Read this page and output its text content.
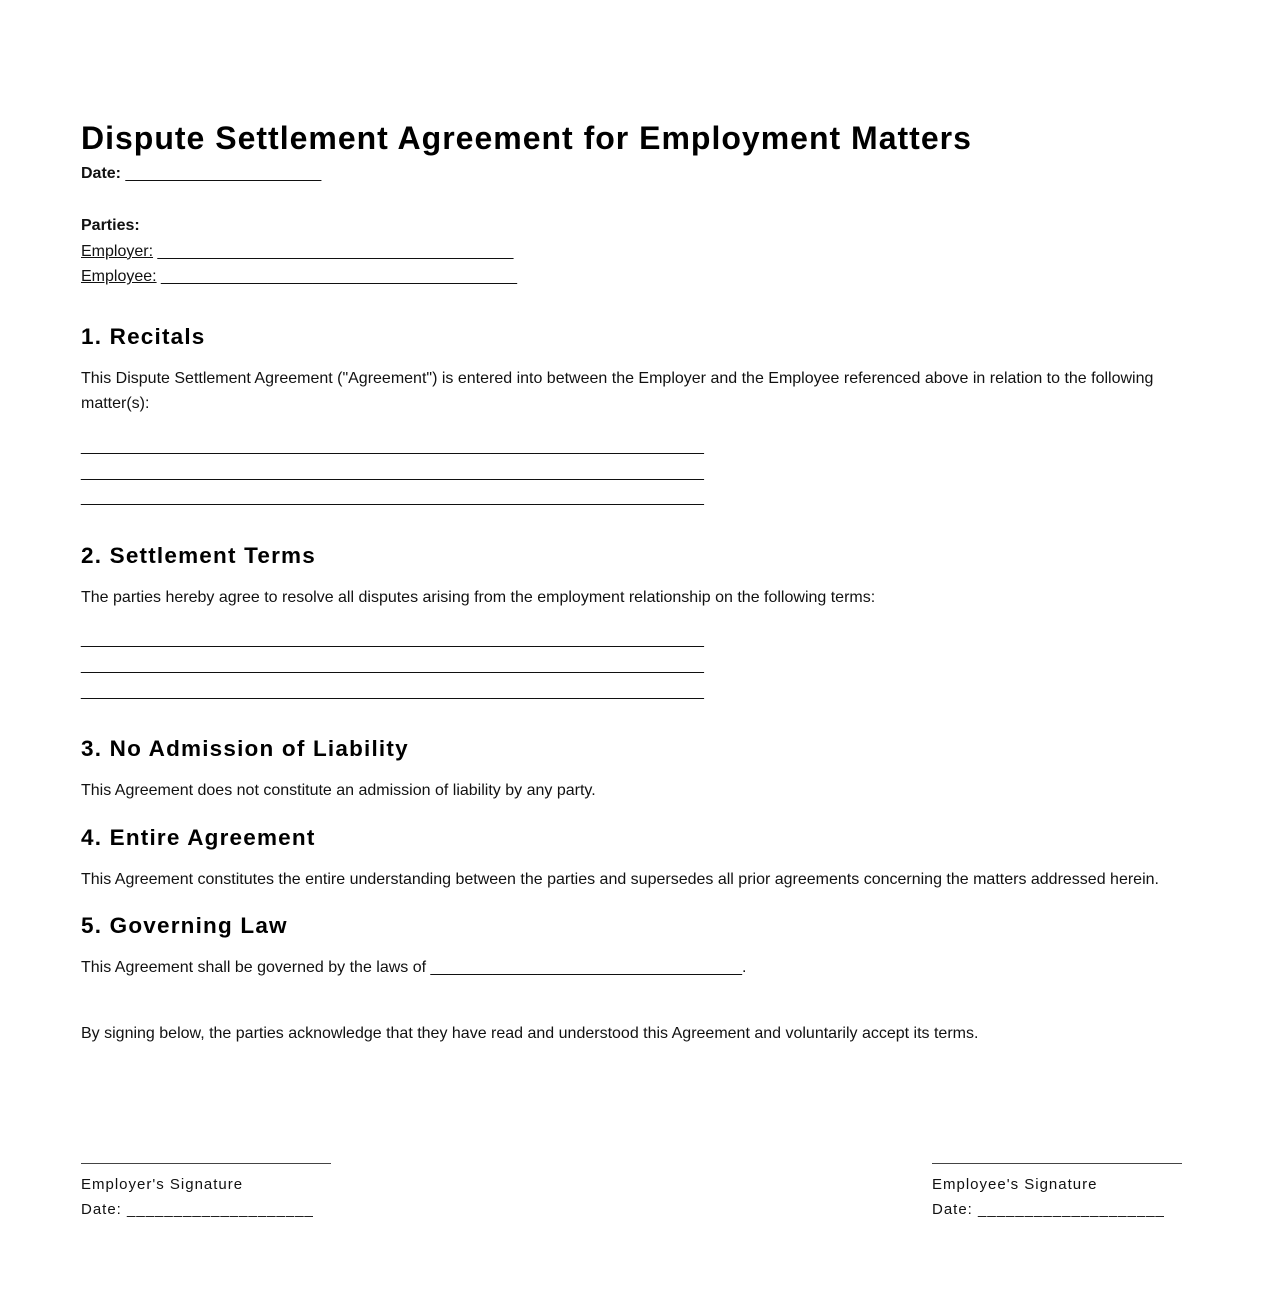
Dispute Settlement Agreement for Employment Matters

Date: ______________________

Parties:
Employer: ________________________________________
Employee: ________________________________________
1. Recitals

This Dispute Settlement Agreement ("Agreement") is entered into between the Employer and the Employee referenced above in relation to the following matter(s):

______________________________________________________________________
______________________________________________________________________
______________________________________________________________________
2. Settlement Terms

The parties hereby agree to resolve all disputes arising from the employment relationship on the following terms:

______________________________________________________________________
______________________________________________________________________
______________________________________________________________________
3. No Admission of Liability

This Agreement does not constitute an admission of liability by any party.

4. Entire Agreement

This Agreement constitutes the entire understanding between the parties and supersedes all prior agreements concerning the matters addressed herein.

5. Governing Law

This Agreement shall be governed by the laws of ___________________________________.

By signing below, the parties acknowledge that they have read and understood this Agreement and voluntarily accept its terms.

Employer's Signature
Date: ____________________
Employee's Signature
Date: ____________________
